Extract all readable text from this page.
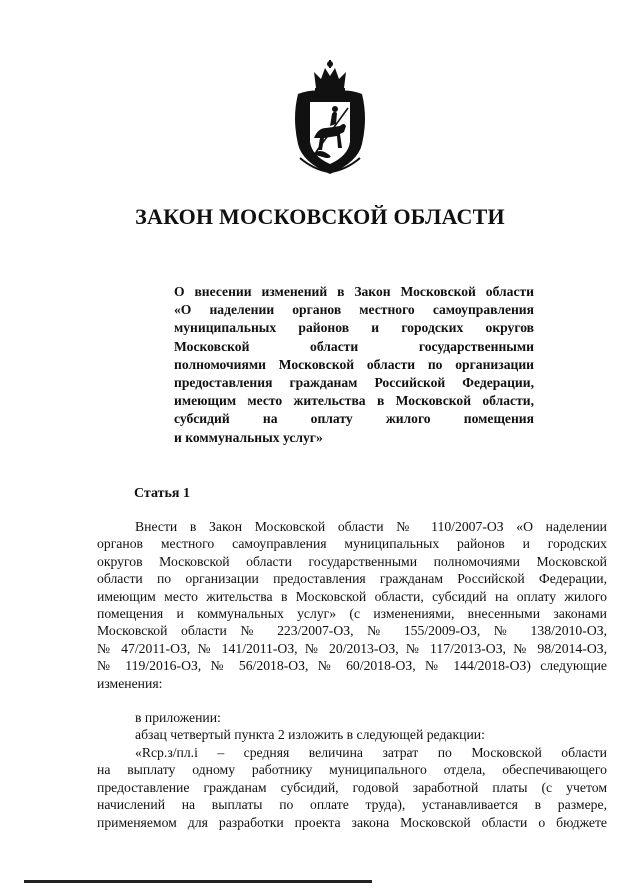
ЗАКОН МОСКОВСКОЙ ОБЛАСТИ
О внесении изменений в Закон Московской области
«О наделении органов местного самоуправления
муниципальных районов и городских округов
Московской области государственными
полномочиями Московской области по организации
предоставления гражданам Российской Федерации,
имеющим место жительства в Московской области,
субсидий на оплату жилого помещения
и коммунальных услуг»
Статья 1
Внести в Закон Московской области № 110/2007-ОЗ «О наделении
органов местного самоуправления муниципальных районов и городских
округов Московской области государственными полномочиями Московской
области по организации предоставления гражданам Российской Федерации,
имеющим место жительства в Московской области, субсидий на оплату жилого
помещения и коммунальных услуг» (с изменениями, внесенными законами
Московской области № 223/2007-ОЗ, № 155/2009-ОЗ, № 138/2010-ОЗ,
№ 47/2011-ОЗ, № 141/2011-ОЗ, № 20/2013-ОЗ, № 117/2013-ОЗ, № 98/2014-ОЗ,
№ 119/2016-ОЗ, № 56/2018-ОЗ, № 60/2018-ОЗ, № 144/2018-ОЗ) следующие
изменения:
в приложении:
абзац четвертый пункта 2 изложить в следующей редакции:
«Rср.з/пл.i – средняя величина затрат по Московской области
на выплату одному работнику муниципального отдела, обеспечивающего
предоставление гражданам субсидий, годовой заработной платы (с учетом
начислений на выплаты по оплате труда), устанавливается в размере,
применяемом для разработки проекта закона Московской области о бюджете
